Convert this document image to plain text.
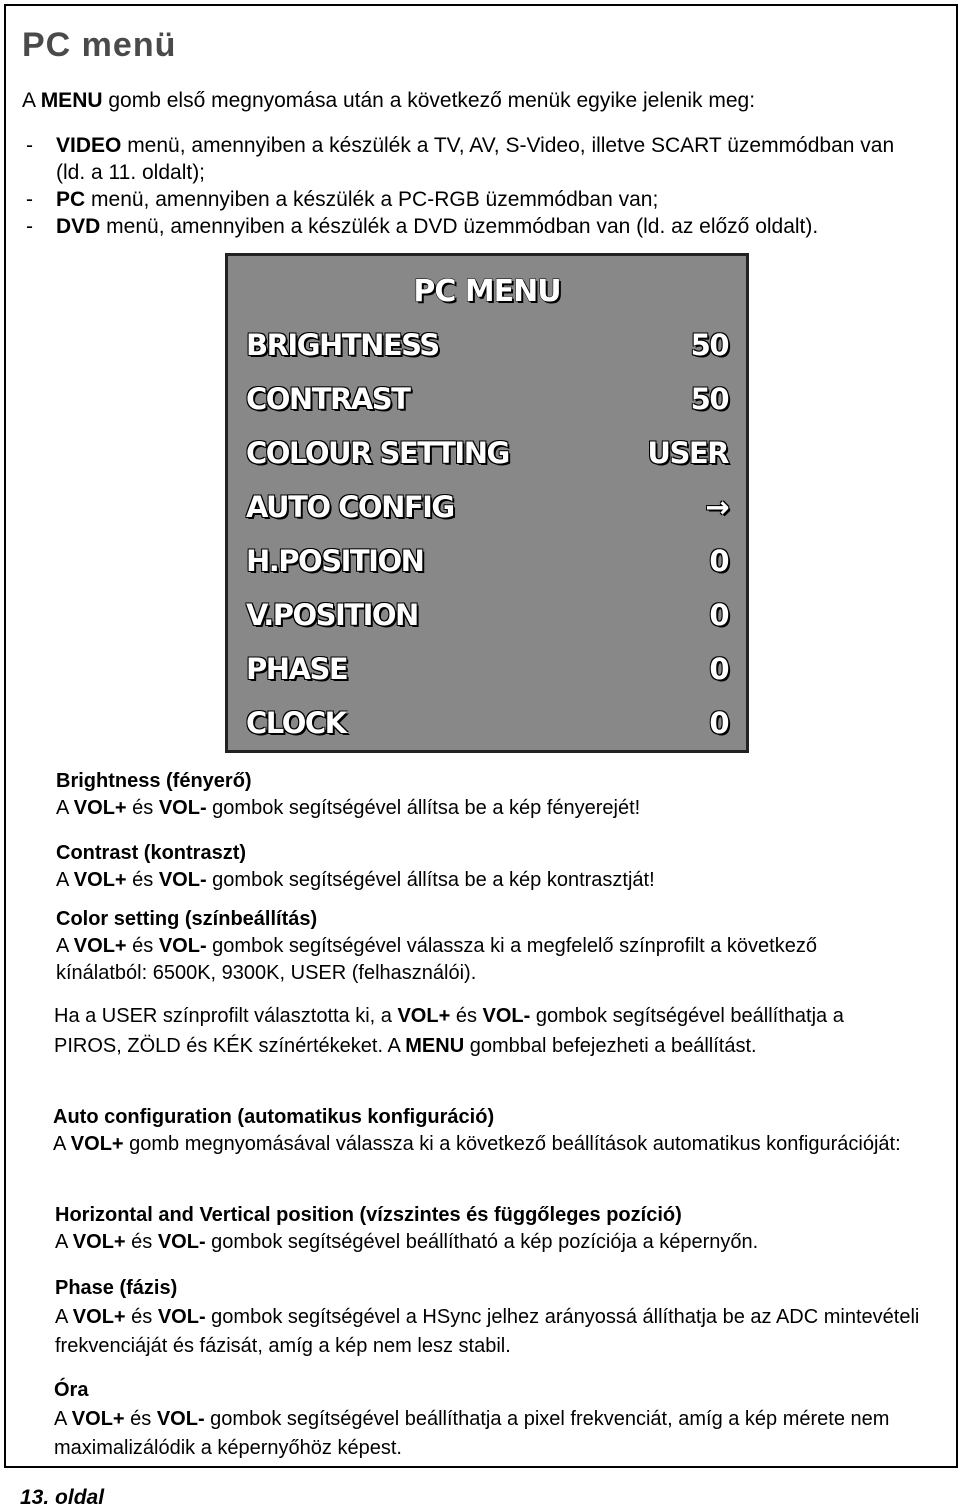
PC menü
A MENU gomb első megnyomása után a következő menük egyike jelenik meg:
- VIDEO menü, amennyiben a készülék a TV, AV, S-Video, illetve SCART üzemmódban van (ld. a 11. oldalt);
- PC menü, amennyiben a készülék a PC-RGB üzemmódban van;
- DVD menü, amennyiben a készülék a DVD üzemmódban van (ld. az előző oldalt).
PC MENU
BRIGHTNESS	50
CONTRAST	50
COLOUR SETTING	USER
AUTO CONFIG	→
H.POSITION	0
V.POSITION	0
PHASE	0
CLOCK	0

Brightness (fényerő)

A VOL+ és VOL- gombok segítségével állítsa be a kép fényerejét!

Contrast (kontraszt)

A VOL+ és VOL- gombok segítségével állítsa be a kép kontrasztját!

Color setting (színbeállítás)

A VOL+ és VOL- gombok segítségével válassza ki a megfelelő színprofilt a következő kínálatból: 6500K, 9300K, USER (felhasználói).

Ha a USER színprofilt választotta ki, a VOL+ és VOL- gombok segítségével beállíthatja a PIROS, ZÖLD és KÉK színértékeket. A MENU gombbal befejezheti a beállítást.

Auto configuration (automatikus konfiguráció)

A VOL+ gomb megnyomásával válassza ki a következő beállítások automatikus konfigurációját:

Horizontal and Vertical position (vízszintes és függőleges pozíció)

A VOL+ és VOL- gombok segítségével beállítható a kép pozíciója a képernyőn.

Phase (fázis)

A VOL+ és VOL- gombok segítségével a HSync jelhez arányossá állíthatja be az ADC mintevételi frekvenciáját és fázisát, amíg a kép nem lesz stabil.

Óra

A VOL+ és VOL- gombok segítségével beállíthatja a pixel frekvenciát, amíg a kép mérete nem maximalizálódik a képernyőhöz képest.

13. oldal
